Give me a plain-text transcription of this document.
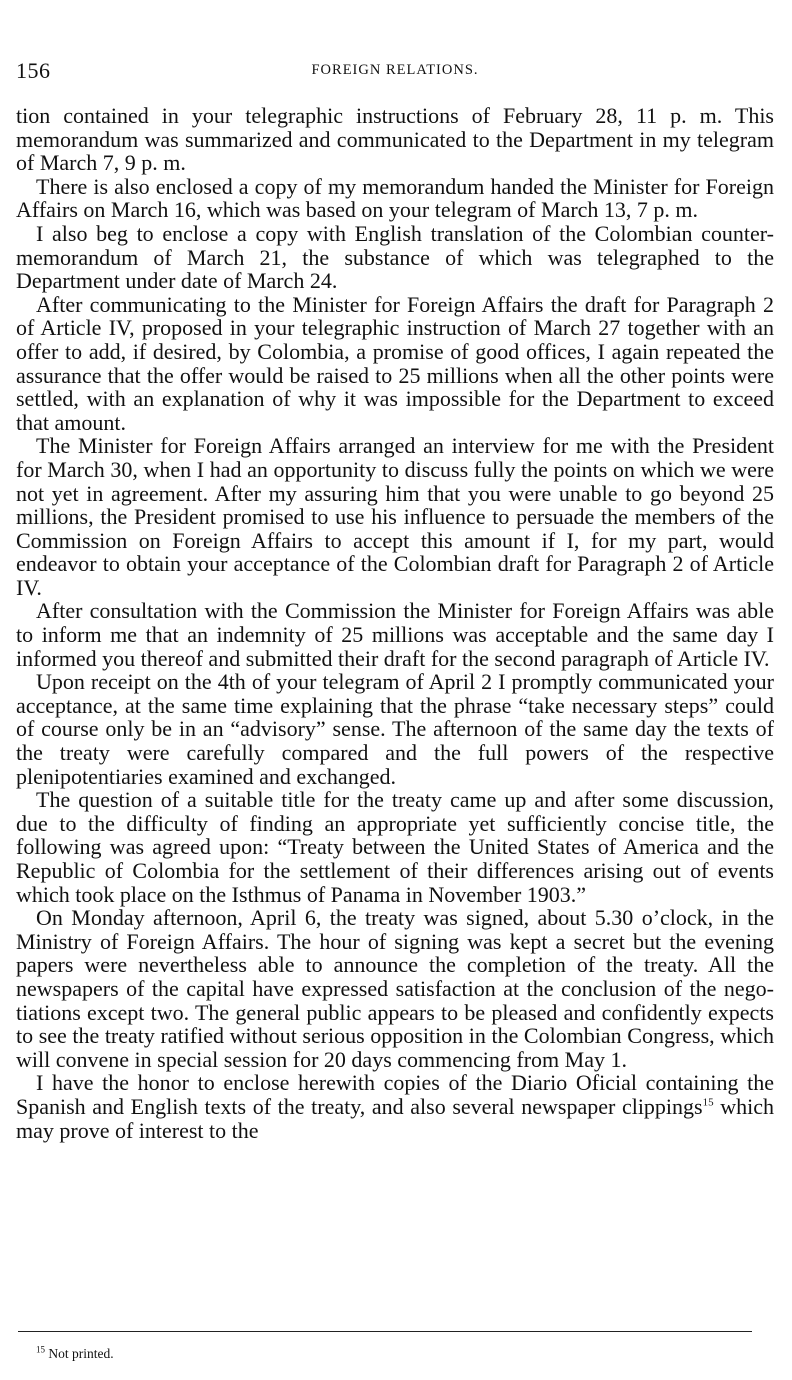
156	FOREIGN RELATIONS.

tion contained in your telegraphic instructions of February 28, 11 p. m. This memorandum was summarized and communicated to the Department in my telegram of March 7, 9 p. m.

There is also enclosed a copy of my memorandum handed the Minister for Foreign Affairs on March 16, which was based on your telegram of March 13, 7 p. m.

I also beg to enclose a copy with English translation of the Colombian counter-memorandum of March 21, the substance of which was telegraphed to the Department under date of March 24.

After communicating to the Minister for Foreign Affairs the draft for Paragraph 2 of Article IV, proposed in your telegraphic instruction of March 27 together with an offer to add, if desired, by Colombia, a promise of good offices, I again repeated the assurance that the offer would be raised to 25 millions when all the other points were settled, with an explanation of why it was impossible for the Department to exceed that amount.

The Minister for Foreign Affairs arranged an interview for me with the President for March 30, when I had an opportunity to discuss fully the points on which we were not yet in agreement. After my assuring him that you were unable to go beyond 25 millions, the President promised to use his influence to persuade the members of the Commission on Foreign Affairs to accept this amount if I, for my part, would endeavor to obtain your acceptance of the Colombian draft for Paragraph 2 of Article IV.

After consultation with the Commission the Minister for Foreign Affairs was able to inform me that an indemnity of 25 millions was acceptable and the same day I informed you thereof and submitted their draft for the second paragraph of Article IV.

Upon receipt on the 4th of your telegram of April 2 I promptly communicated your acceptance, at the same time explaining that the phrase “take necessary steps” could of course only be in an “advisory” sense. The afternoon of the same day the texts of the treaty were carefully compared and the full powers of the respective plenipotentiaries examined and exchanged.

The question of a suitable title for the treaty came up and after some discussion, due to the difficulty of finding an appropriate yet sufficiently concise title, the following was agreed upon: “Treaty between the United States of America and the Republic of Colombia for the settlement of their differences arising out of events which took place on the Isthmus of Panama in November 1903.”

On Monday afternoon, April 6, the treaty was signed, about 5.30 o’clock, in the Ministry of Foreign Affairs. The hour of signing was kept a secret but the evening papers were nevertheless able to announce the completion of the treaty. All the newspapers of the capital have expressed satisfaction at the conclusion of the negotiations except two. The general public appears to be pleased and confidently expects to see the treaty ratified without serious opposition in the Colombian Congress, which will convene in special session for 20 days commencing from May 1.

I have the honor to enclose herewith copies of the Diario Oficial containing the Spanish and English texts of the treaty, and also several newspaper clippings$^{15}$ which may prove of interest to the

$^{15}$ Not printed.
